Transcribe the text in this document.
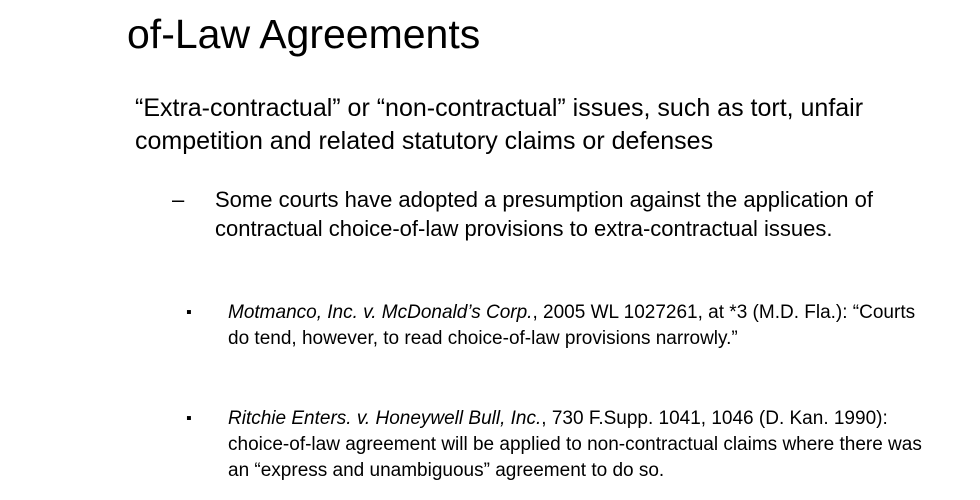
of-Law Agreements

“Extra-contractual” or “non-contractual” issues, such as tort, unfair competition and related statutory claims or defenses

– Some courts have adopted a presumption against the application of contractual choice-of-law provisions to extra-contractual issues.
▪ Motmanco, Inc. v. McDonald’s Corp., 2005 WL 1027261, at *3 (M.D. Fla.): “Courts do tend, however, to read choice-of-law provisions narrowly.”
▪ Ritchie Enters. v. Honeywell Bull, Inc., 730 F.Supp. 1041, 1046 (D. Kan. 1990): choice-of-law agreement will be applied to non-contractual claims where there was an “express and unambiguous” agreement to do so.
